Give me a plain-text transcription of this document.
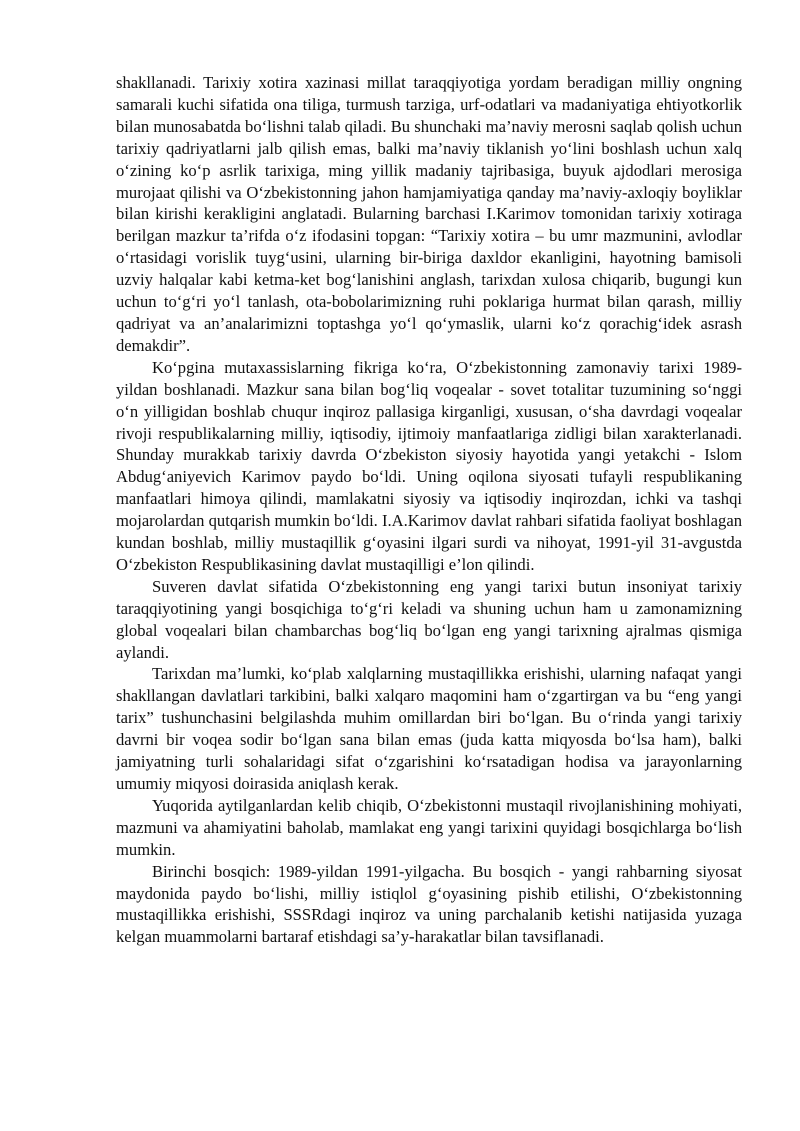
shakllanadi. Tarixiy xotira xazinasi millat taraqqiyotiga yordam beradigan milliy ongning samarali kuchi sifatida ona tiliga, turmush tarziga, urf-odatlari va madaniyatiga ehtiyotkorlik bilan munosabatda bo‘lishni talab qiladi. Bu shunchaki ma’naviy merosni saqlab qolish uchun tarixiy qadriyatlarni jalb qilish emas, balki ma’naviy tiklanish yo‘lini boshlash uchun xalq o‘zining ko‘p asrlik tarixiga, ming yillik madaniy tajribasiga, buyuk ajdodlari merosiga murojaat qilishi va O‘zbekistonning jahon hamjamiyatiga qanday ma’naviy-axloqiy boyliklar bilan kirishi kerakligini anglatadi. Bularning barchasi I.Karimov tomonidan tarixiy xotiraga berilgan mazkur ta’rifda o‘z ifodasini topgan: “Tarixiy xotira – bu umr mazmunini, avlodlar o‘rtasidagi vorislik tuyg‘usini, ularning bir-biriga daxldor ekanligini, hayotning bamisoli uzviy halqalar kabi ketma-ket bog‘lanishini anglash, tarixdan xulosa chiqarib, bugungi kun uchun to‘g‘ri yo‘l tanlash, ota-bobolarimizning ruhi poklariga hurmat bilan qarash, milliy qadriyat va an’analarimizni toptashga yo‘l qo‘ymaslik, ularni ko‘z qorachig‘idek asrash demakdir”.

Ko‘pgina mutaxassislarning fikriga ko‘ra, O‘zbekistonning zamonaviy tarixi 1989-yildan boshlanadi. Mazkur sana bilan bog‘liq voqealar - sovet totalitar tuzumining so‘nggi o‘n yilligidan boshlab chuqur inqiroz pallasiga kirganligi, xususan, o‘sha davrdagi voqealar rivoji respublikalarning milliy, iqtisodiy, ijtimoiy manfaatlariga zidligi bilan xarakterlanadi. Shunday murakkab tarixiy davrda O‘zbekiston siyosiy hayotida yangi yetakchi - Islom Abdug‘aniyevich Karimov paydo bo‘ldi. Uning oqilona siyosati tufayli respublikaning manfaatlari himoya qilindi, mamlakatni siyosiy va iqtisodiy inqirozdan, ichki va tashqi mojarolardan qutqarish mumkin bo‘ldi. I.A.Karimov davlat rahbari sifatida faoliyat boshlagan kundan boshlab, milliy mustaqillik g‘oyasini ilgari surdi va nihoyat, 1991-yil 31-avgustda O‘zbekiston Respublikasining davlat mustaqilligi e’lon qilindi.

Suveren davlat sifatida O‘zbekistonning eng yangi tarixi butun insoniyat tarixiy taraqqiyotining yangi bosqichiga to‘g‘ri keladi va shuning uchun ham u zamonamizning global voqealari bilan chambarchas bog‘liq bo‘lgan eng yangi tarixning ajralmas qismiga aylandi.

Tarixdan ma’lumki, ko‘plab xalqlarning mustaqillikka erishishi, ularning nafaqat yangi shakllangan davlatlari tarkibini, balki xalqaro maqomini ham o‘zgartirgan va bu “eng yangi tarix” tushunchasini belgilashda muhim omillardan biri bo‘lgan. Bu o‘rinda yangi tarixiy davrni bir voqea sodir bo‘lgan sana bilan emas (juda katta miqyosda bo‘lsa ham), balki jamiyatning turli sohalaridagi sifat o‘zgarishini ko‘rsatadigan hodisa va jarayonlarning umumiy miqyosi doirasida aniqlash kerak.

Yuqorida aytilganlardan kelib chiqib, O‘zbekistonni mustaqil rivojlanishining mohiyati, mazmuni va ahamiyatini baholab, mamlakat eng yangi tarixini quyidagi bosqichlarga bo‘lish mumkin.

Birinchi bosqich: 1989-yildan 1991-yilgacha. Bu bosqich - yangi rahbarning siyosat maydonida paydo bo‘lishi, milliy istiqlol g‘oyasining pishib etilishi, O‘zbekistonning mustaqillikka erishishi, SSSRdagi inqiroz va uning parchalanib ketishi natijasida yuzaga kelgan muammolarni bartaraf etishdagi sa’y-harakatlar bilan tavsiflanadi.
